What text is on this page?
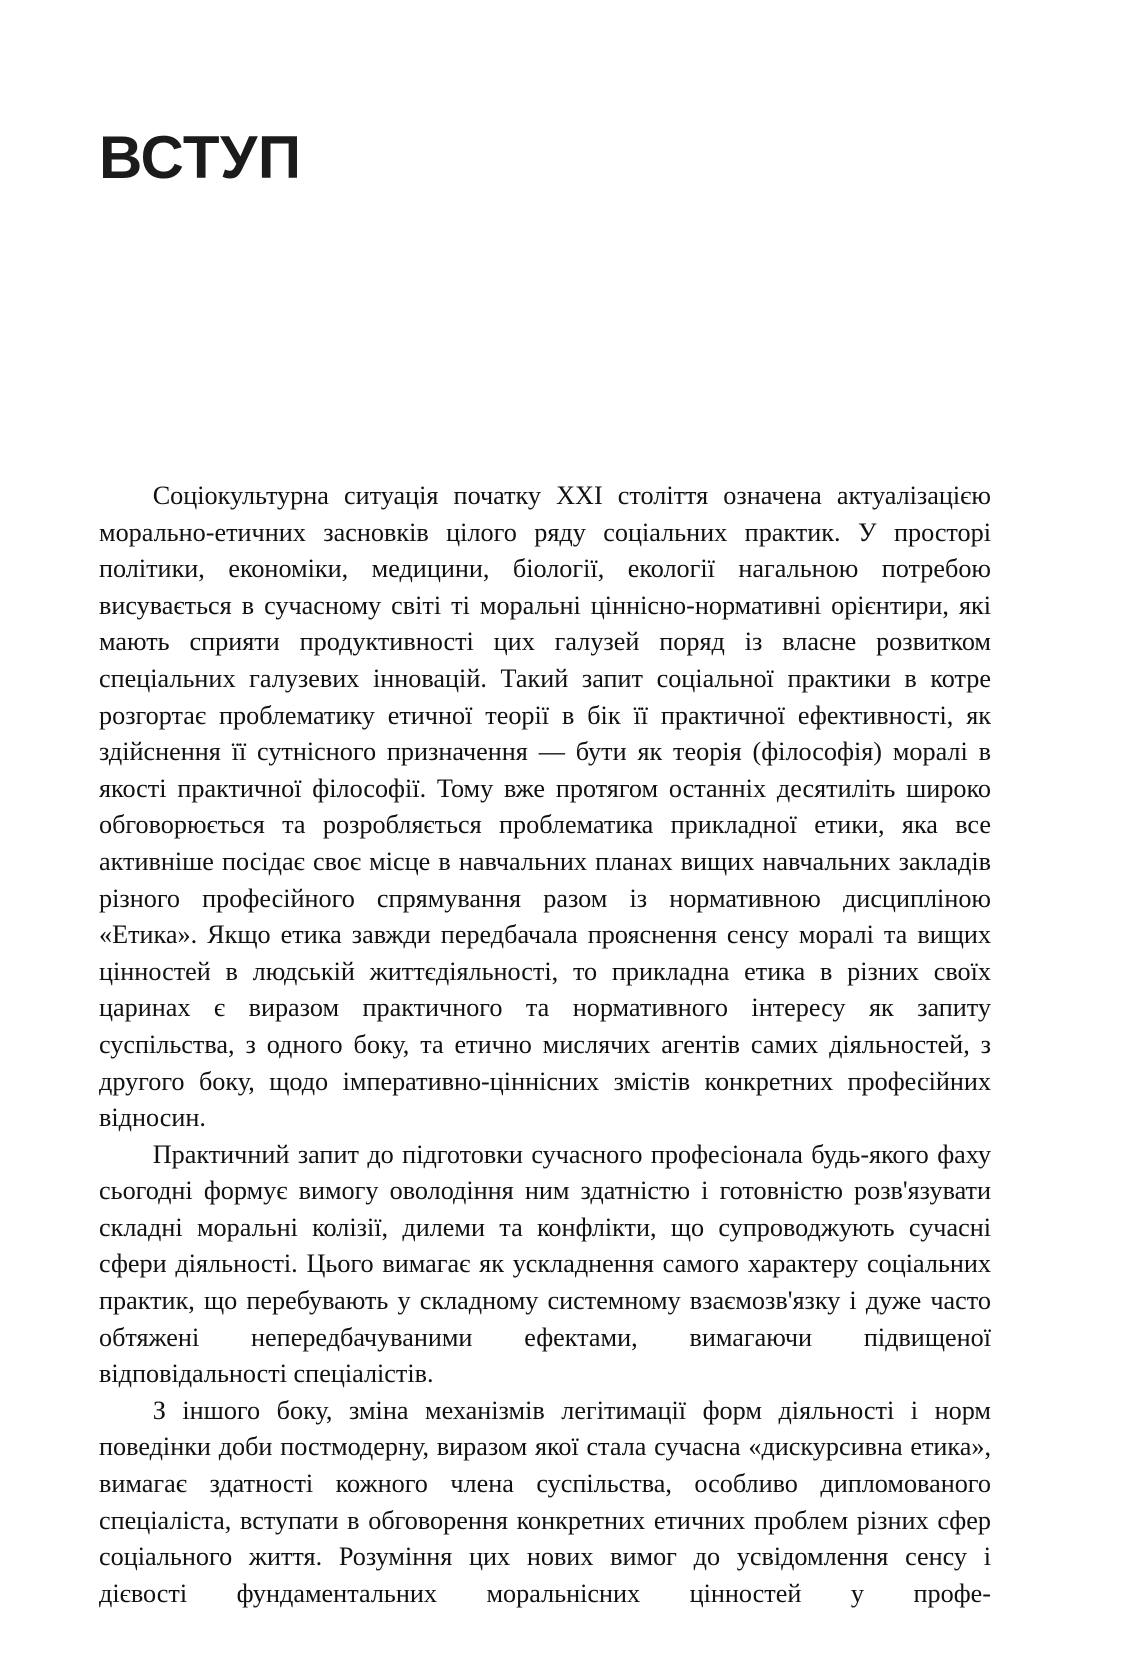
ВСТУП

Соціокультурна ситуація початку XXI століття означена актуалізацією морально-етичних засновків цілого ряду соціальних практик. У просторі політики, економіки, медицини, біології, екології нагальною потребою висувається в сучасному світі ті моральні ціннісно-нормативні орієнтири, які мають сприяти продуктивності цих галузей поряд із власне розвитком спеціальних галузевих інновацій. Такий запит соціальної практики в котре розгортає проблематику етичної теорії в бік її практичної ефективності, як здійснення її сутнісного призначення — бути як теорія (філософія) моралі в якості практичної філософії. Тому вже протягом останніх десятиліть широко обговорюється та розробляється проблематика прикладної етики, яка все активніше посідає своє місце в навчальних планах вищих навчальних закладів різного професійного спрямування разом із нормативною дисципліною «Етика». Якщо етика завжди передбачала прояснення сенсу моралі та вищих цінностей в людській життєдіяльності, то прикладна етика в різних своїх царинах є виразом практичного та нормативного інтересу як запиту суспільства, з одного боку, та етично мислячих агентів самих діяльностей, з другого боку, щодо імперативно-ціннісних змістів конкретних професійних відносин.

Практичний запит до підготовки сучасного професіонала будь-якого фаху сьогодні формує вимогу оволодіння ним здатністю і готовністю розв'язувати складні моральні колізії, дилеми та конфлікти, що супроводжують сучасні сфери діяльності. Цього вимагає як ускладнення самого характеру соціальних практик, що перебувають у складному системному взаємозв'язку і дуже часто обтяжені непередбачуваними ефектами, вимагаючи підвищеної відповідальності спеціалістів.

З іншого боку, зміна механізмів легітимації форм діяльності і норм поведінки доби постмодерну, виразом якої стала сучасна «дискурсивна етика», вимагає здатності кожного члена суспільства, особливо дипломованого спеціаліста, вступати в обговорення конкретних етичних проблем різних сфер соціального життя. Розуміння цих нових вимог до усвідомлення сенсу і дієвості фундаментальних моральнісних цінностей у профе-
